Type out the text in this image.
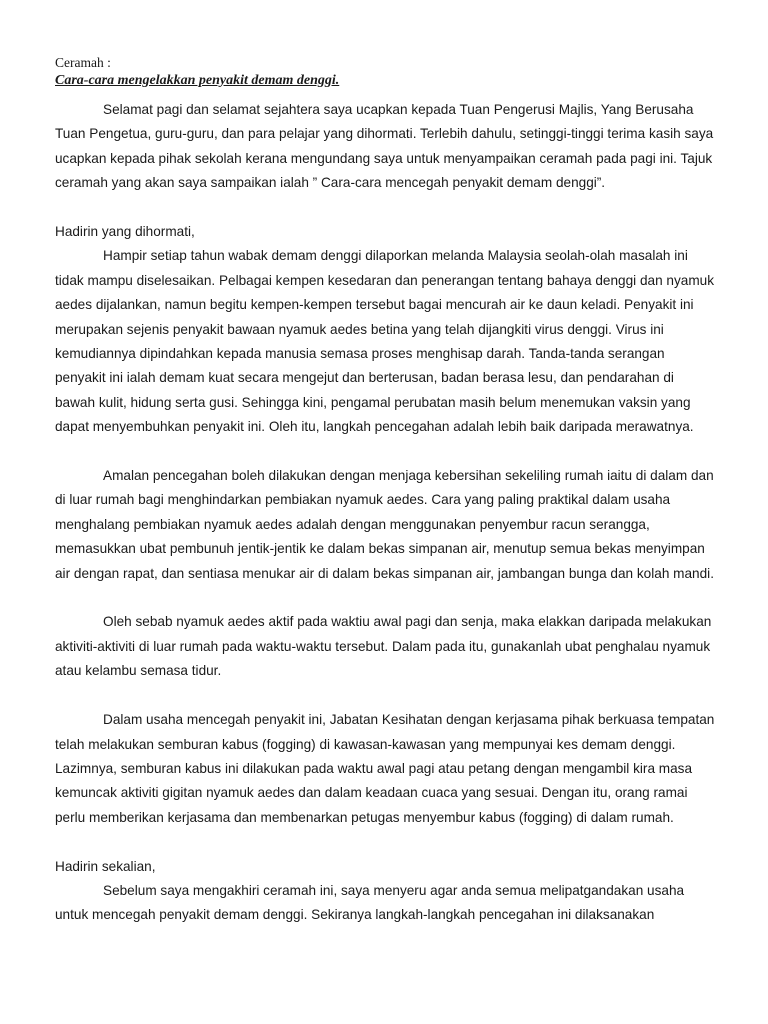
Ceramah :

Cara-cara mengelakkan penyakit demam denggi.

Selamat pagi dan selamat sejahtera saya ucapkan kepada Tuan Pengerusi Majlis, Yang Berusaha Tuan Pengetua, guru-guru, dan para pelajar yang dihormati. Terlebih dahulu, setinggi-tinggi terima kasih saya ucapkan kepada pihak sekolah kerana mengundang saya untuk menyampaikan ceramah pada pagi ini. Tajuk ceramah yang akan saya sampaikan ialah ” Cara-cara mencegah penyakit demam denggi”.

Hadirin yang dihormati,

Hampir setiap tahun wabak demam denggi dilaporkan melanda Malaysia seolah-olah masalah ini tidak mampu diselesaikan. Pelbagai kempen kesedaran dan penerangan tentang bahaya denggi dan nyamuk aedes dijalankan, namun begitu kempen-kempen tersebut bagai mencurah air ke daun keladi. Penyakit ini merupakan sejenis penyakit bawaan nyamuk aedes betina yang telah dijangkiti virus denggi. Virus ini kemudiannya dipindahkan kepada manusia semasa proses menghisap darah. Tanda-tanda serangan penyakit ini ialah demam kuat secara mengejut dan berterusan, badan berasa lesu, dan pendarahan di bawah kulit, hidung serta gusi. Sehingga kini, pengamal perubatan masih belum menemukan vaksin yang dapat menyembuhkan penyakit ini. Oleh itu, langkah pencegahan adalah lebih baik daripada merawatnya.

Amalan pencegahan boleh dilakukan dengan menjaga kebersihan sekeliling rumah iaitu di dalam dan di luar rumah bagi menghindarkan pembiakan nyamuk aedes. Cara yang paling praktikal dalam usaha menghalang pembiakan nyamuk aedes adalah dengan menggunakan penyembur racun serangga, memasukkan ubat pembunuh jentik-jentik ke dalam bekas simpanan air, menutup semua bekas menyimpan air dengan rapat, dan sentiasa menukar air di dalam bekas simpanan air, jambangan bunga dan kolah mandi.

Oleh sebab nyamuk aedes aktif pada waktiu awal pagi dan senja, maka elakkan daripada melakukan aktiviti-aktiviti di luar rumah pada waktu-waktu tersebut. Dalam pada itu, gunakanlah ubat penghalau nyamuk atau kelambu semasa tidur.

Dalam usaha mencegah penyakit ini, Jabatan Kesihatan dengan kerjasama pihak berkuasa tempatan telah melakukan semburan kabus (fogging) di kawasan-kawasan yang mempunyai kes demam denggi. Lazimnya, semburan kabus ini dilakukan pada waktu awal pagi atau petang dengan mengambil kira masa kemuncak aktiviti gigitan nyamuk aedes dan dalam keadaan cuaca yang sesuai. Dengan itu, orang ramai perlu memberikan kerjasama dan membenarkan petugas menyembur kabus (fogging) di dalam rumah.

Hadirin sekalian,

Sebelum saya mengakhiri ceramah ini, saya menyeru agar anda semua melipatgandakan usaha untuk mencegah penyakit demam denggi. Sekiranya langkah-langkah pencegahan ini dilaksanakan
